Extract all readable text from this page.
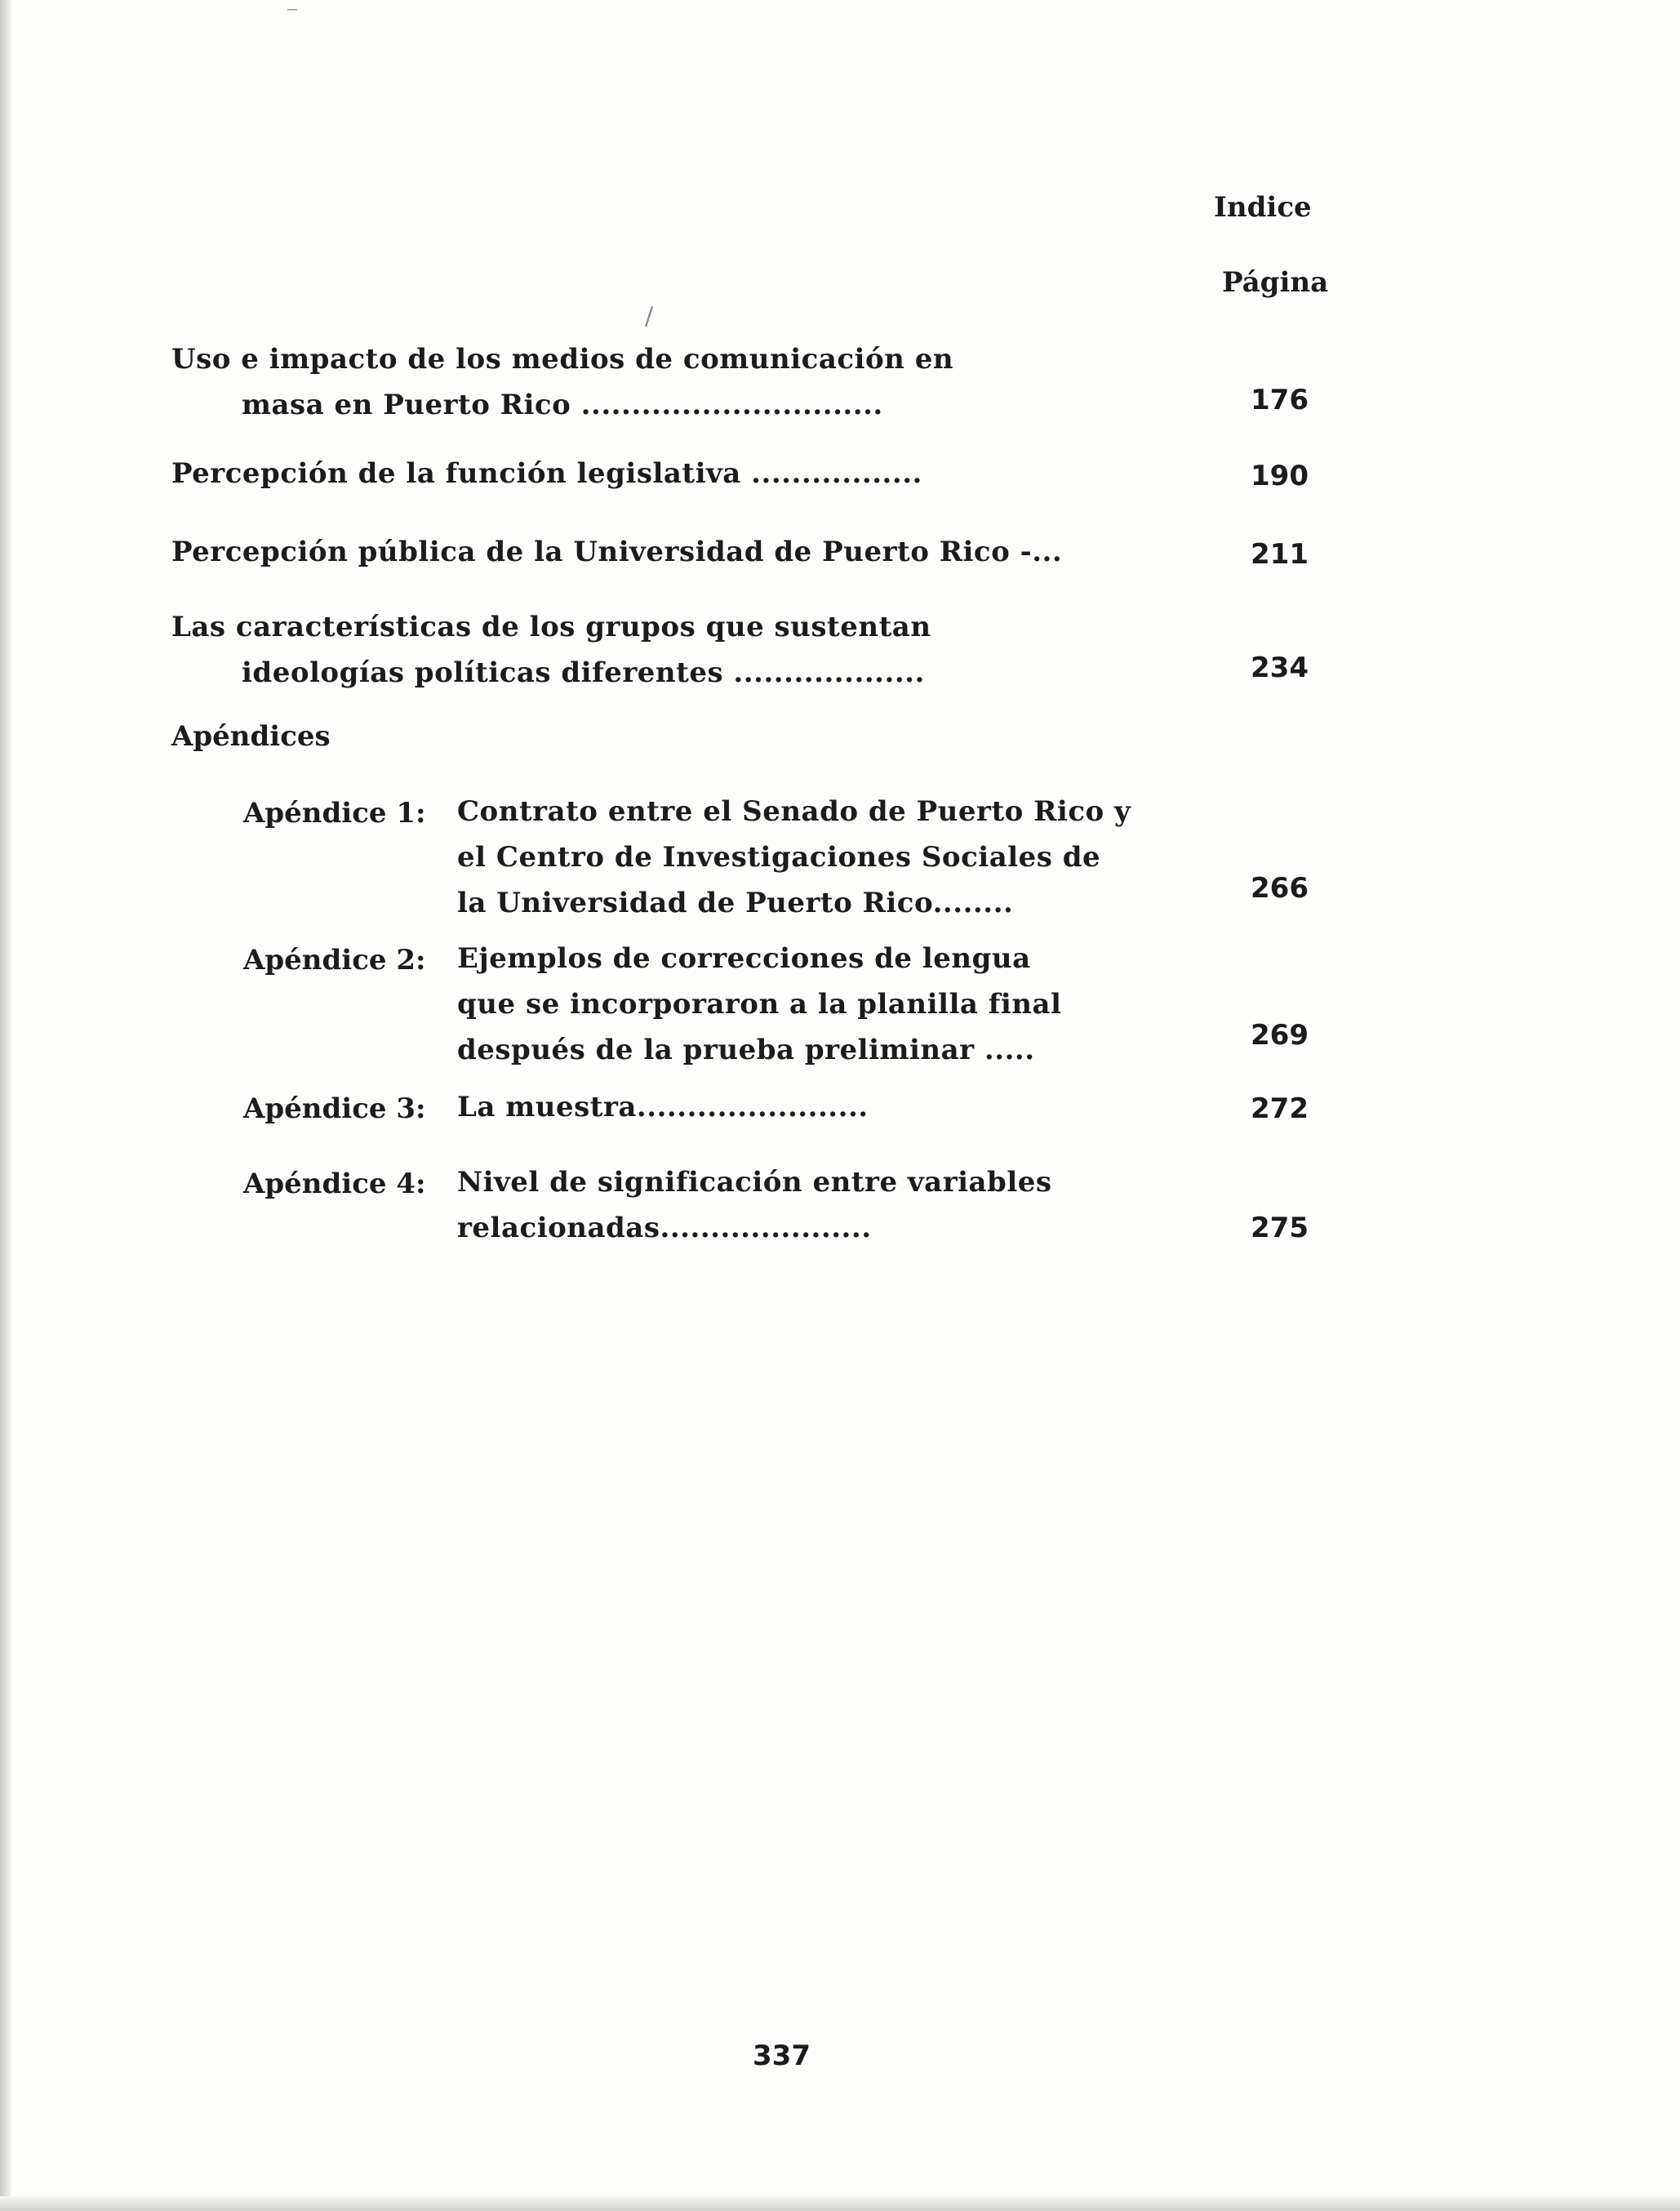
Indice
Página
Uso e impacto de los medios de comunicación en
masa en Puerto Rico ..............................	176
Percepción de la función legislativa .................	190
Percepción pública de la Universidad de Puerto Rico -...	211
Las características de los grupos que sustentan
ideologías políticas diferentes ...................	234
Apéndices
Apéndice 1: Contrato entre el Senado de Puerto Rico y
el Centro de Investigaciones Sociales de
la Universidad de Puerto Rico........	266
Apéndice 2: Ejemplos de correcciones de lengua
que se incorporaron a la planilla final
después de la prueba preliminar .....	269
Apéndice 3: La muestra.......................	272
Apéndice 4: Nivel de significación entre variables
relacionadas.....................	275
337
⁻
/
